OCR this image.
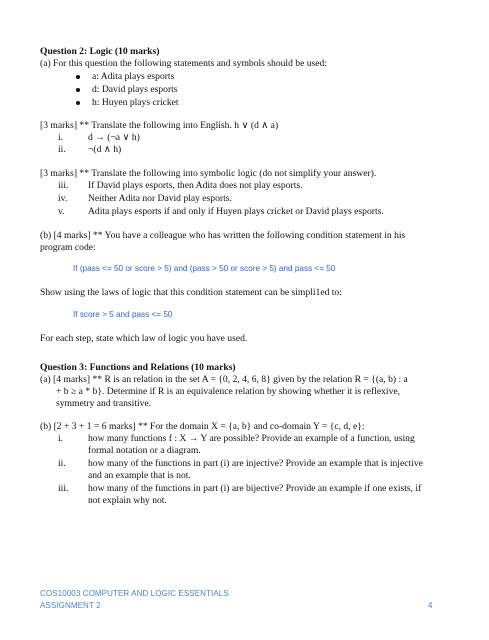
Question 2: Logic (10 marks)
(a) For this question the following statements and symbols should be used:
a: Adita plays esports
d: David plays esports
h: Huyen plays cricket
[3 marks] ** Translate the following into English. h ∨ (d ∧ a)
i.	d → (¬a ∨ h)
ii. ¬(d ∧ h)
[3 marks] ** Translate the following into symbolic logic (do not simplify your answer).
iii. If David plays esports, then Adita does not play esports.
iv. Neither Adita nor David play esports.
v. Adita plays esports if and only if Huyen plays cricket or David plays esports.
(b) [4 marks] ** You have a colleague who has written the following condition statement in his
program code:
If (pass <= 50 or score > 5) and (pass > 50 or score > 5) and pass <= 50
Show using the laws of logic that this condition statement can be simpli1ed to:
If score > 5 and pass <= 50
For each step, state which law of logic you have used.
Question 3: Functions and Relations (10 marks)
(a) [4 marks] ** R is an relation in the set A = {0, 2, 4, 6, 8} given by the relation R = {(a, b) : a
+ b ≥ a * b}. Determine if R is an equivalence relation by showing whether it is reflexive,
symmetry and transitive.
(b) [2 + 3 + 1 = 6 marks] ** For the domain X = {a, b} and co-domain Y = {c, d, e}:
i.	how many functions f : X → Y are possible? Provide an example of a function, using
formal notation or a diagram.
ii. how many of the functions in part (i) are injective? Provide an example that is injective
and an example that is not.
iii. how many of the functions in part (i) are bijective? Provide an example if one exists, if
not explain why not.
COS10003 COMPUTER AND LOGIC ESSENTIALS
ASSIGNMENT 2	4
